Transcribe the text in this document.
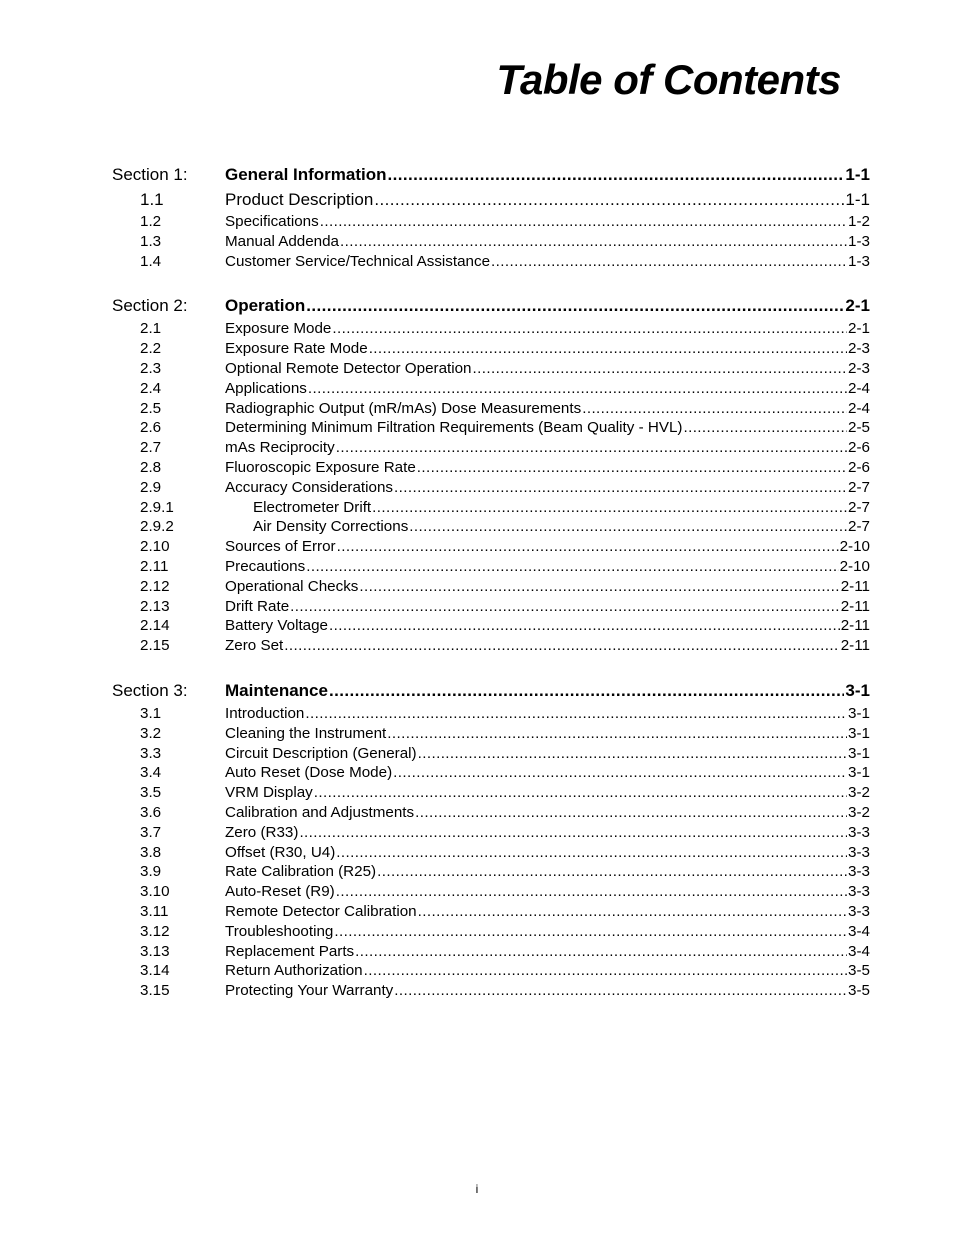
Table of Contents
Section 1:	General Information .....	1-1
1.1	Product Description .....	1-1
1.2	Specifications .....	1-2
1.3	Manual Addenda .....	1-3
1.4	Customer Service/Technical Assistance .....	1-3
Section 2:	Operation .....	2-1
2.1	Exposure Mode .....	2-1
2.2	Exposure Rate Mode .....	2-3
2.3	Optional Remote Detector Operation .....	2-3
2.4	Applications .....	2-4
2.5	Radiographic Output (mR/mAs) Dose Measurements .....	2-4
2.6	Determining Minimum Filtration Requirements (Beam Quality - HVL) .....	2-5
2.7	mAs Reciprocity .....	2-6
2.8	Fluoroscopic Exposure Rate .....	2-6
2.9	Accuracy Considerations .....	2-7
2.9.1	Electrometer Drift .....	2-7
2.9.2	Air Density Corrections .....	2-7
2.10	Sources of Error .....	2-10
2.11	Precautions .....	2-10
2.12	Operational Checks .....	2-11
2.13	Drift Rate .....	2-11
2.14	Battery Voltage .....	2-11
2.15	Zero Set .....	2-11
Section 3:	Maintenance .....	3-1
3.1	Introduction .....	3-1
3.2	Cleaning the Instrument .....	3-1
3.3	Circuit Description (General) .....	3-1
3.4	Auto Reset (Dose Mode) .....	3-1
3.5	VRM Display .....	3-2
3.6	Calibration and Adjustments .....	3-2
3.7	Zero (R33) .....	3-3
3.8	Offset (R30, U4) .....	3-3
3.9	Rate Calibration (R25) .....	3-3
3.10	Auto-Reset (R9) .....	3-3
3.11	Remote Detector Calibration .....	3-3
3.12	Troubleshooting .....	3-4
3.13	Replacement Parts .....	3-4
3.14	Return Authorization .....	3-5
3.15	Protecting Your Warranty .....	3-5
i
